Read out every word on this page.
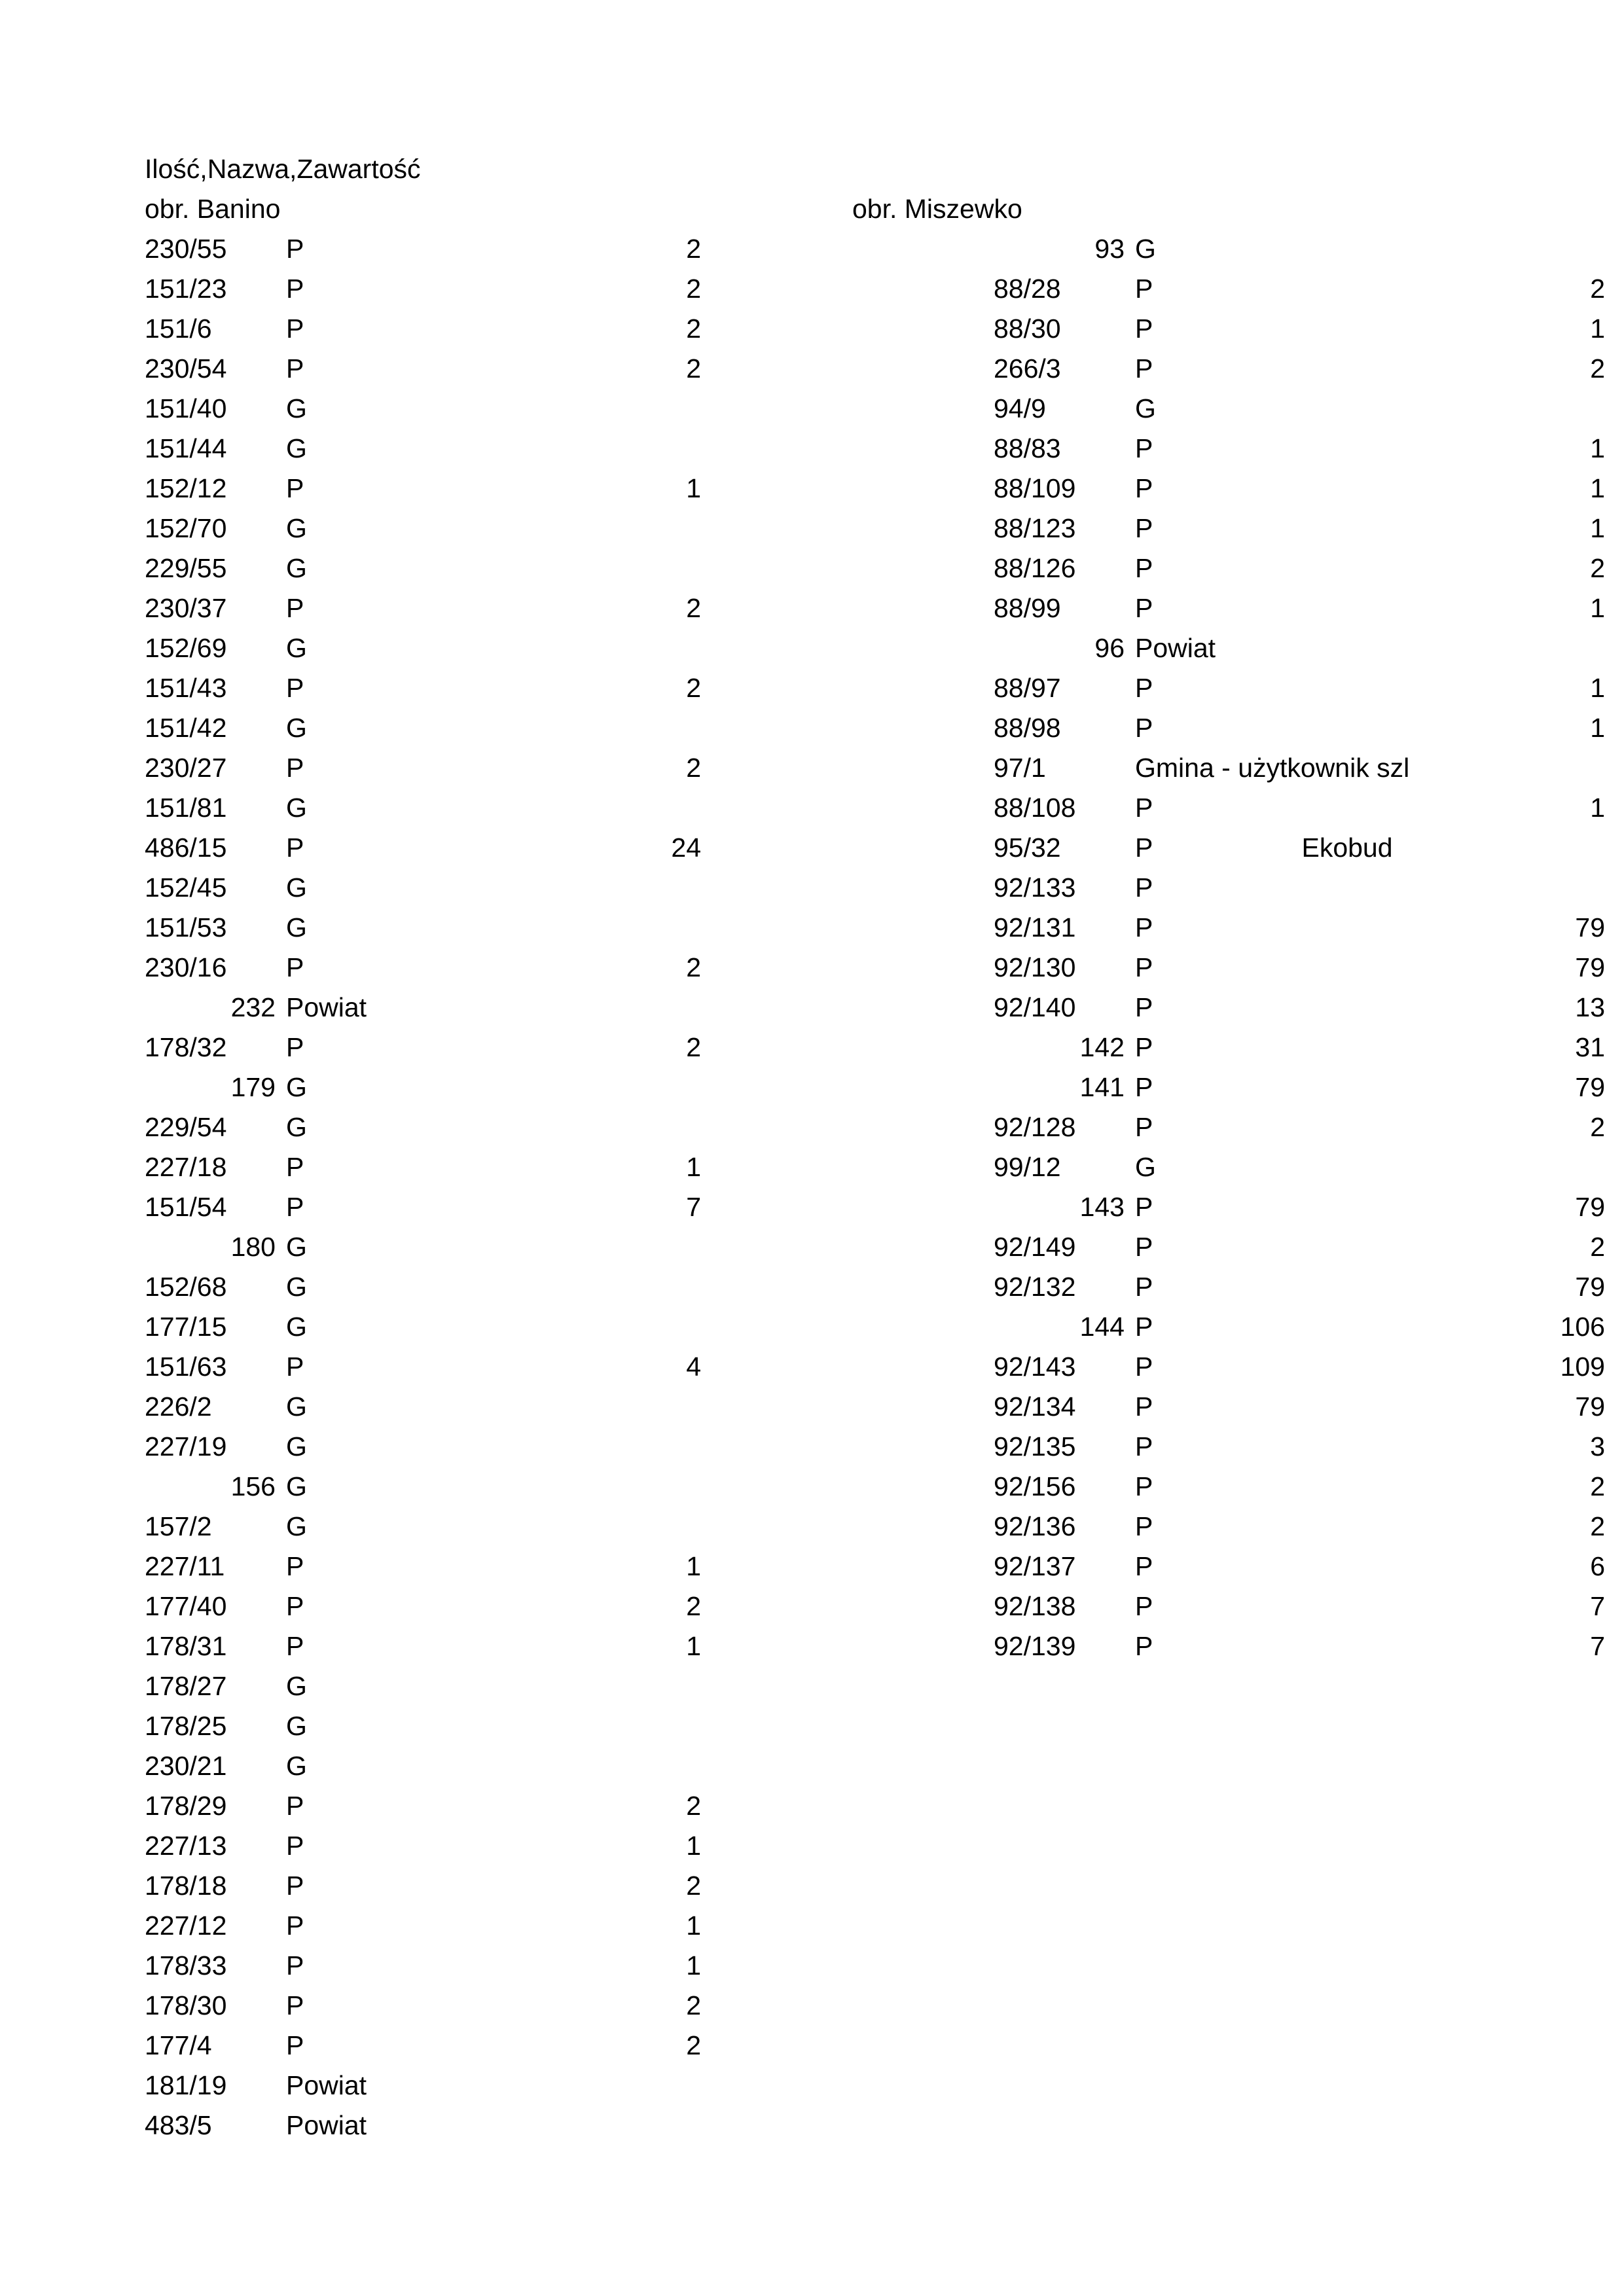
Ilość,Nazwa,Zawartość
obr. Banino
230/55 P	2
151/23 P	2
151/6	P	2
230/54 P	2
151/40 G
151/44 G
152/12 P	1
152/70 G
229/55 G
230/37 P	2
152/69 G
151/43 P	2
151/42 G
230/27 P	2
151/81 G
486/15 P	24
152/45 G
151/53 G
230/16 P	2
232 Powiat
178/32 P	2
179 G
229/54 G
227/18 P	1
151/54 P	7
180 G
152/68 G
177/15 G
151/63 P	4
226/2	G
227/19 G
156 G
157/2	G
227/11 P	1
177/40 P	2
178/31 P	1
178/27 G
178/25 G
230/21 G
178/29 P	2
227/13 P	1
178/18 P	2
227/12 P	1
178/33 P	1
178/30 P	2
177/4	P	2
181/19 Powiat
483/5	Powiat
obr. Miszewko
93 G
88/28	P	2
88/30	P	1
266/3	P	2
94/9	G
88/83	P	1
88/109 P	1
88/123 P	1
88/126 P	2
88/99	P	1
96 Powiat
88/97	P	1
88/98	P	1
97/1	Gmina - użytkownik szl
88/108 P	1
95/32	P	Ekobud
92/133 P
92/131 P	79
92/130 P	79
92/140 P	13
142 P	31
141 P	79
92/128 P	2
99/12	G
143 P	79
92/149 P	2
92/132 P	79
144 P	106
92/143 P	109
92/134 P	79
92/135 P	3
92/156 P	2
92/136 P	2
92/137 P	6
92/138 P	7
92/139 P	7
